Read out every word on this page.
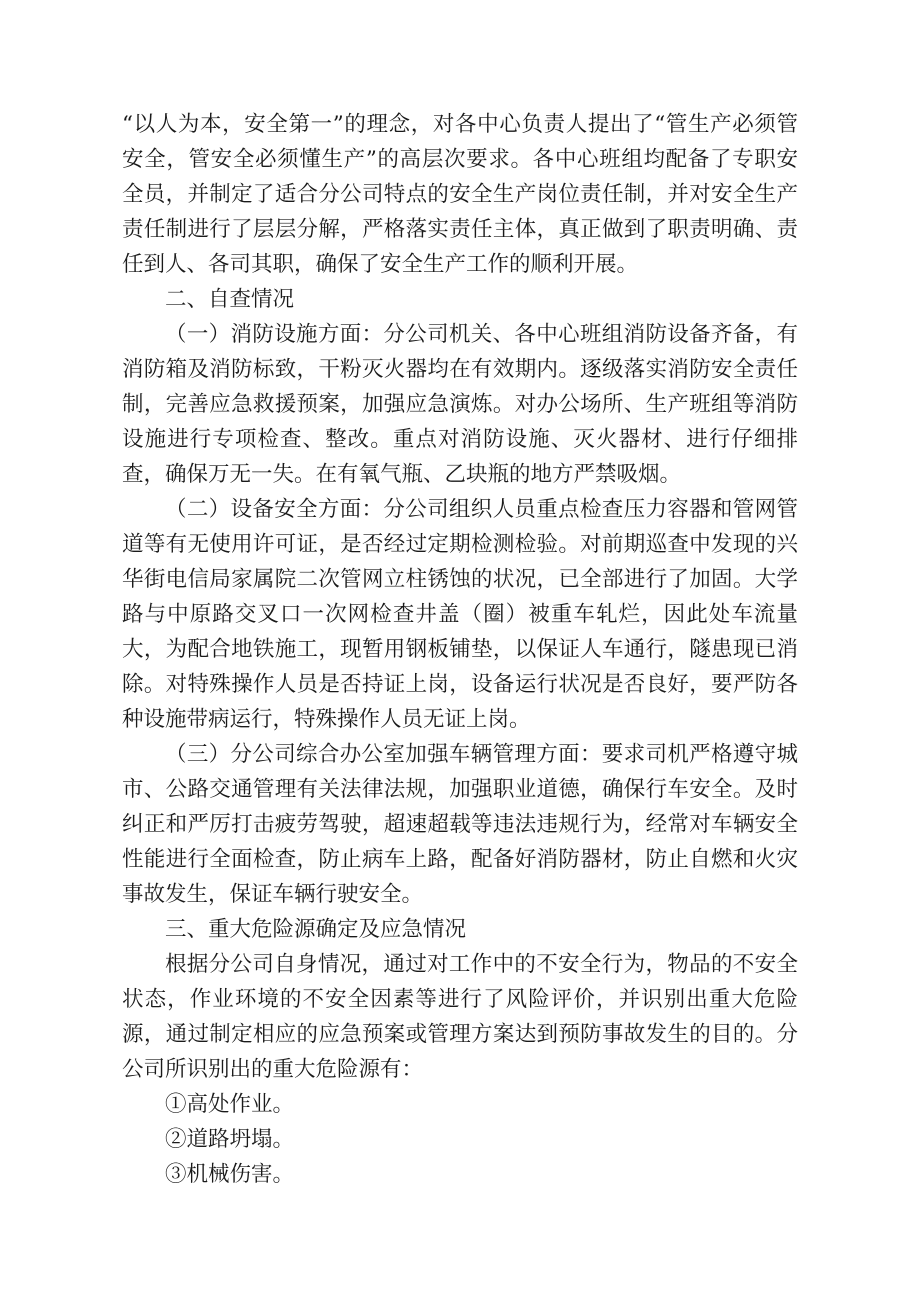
“以人为本，安全第一”的理念，对各中心负责人提出了“管生产必须管安全，管安全必须懂生产”的高层次要求。各中心班组均配备了专职安全员，并制定了适合分公司特点的安全生产岗位责任制，并对安全生产责任制进行了层层分解，严格落实责任主体，真正做到了职责明确、责任到人、各司其职，确保了安全生产工作的顺利开展。

二、自查情况

（一）消防设施方面：分公司机关、各中心班组消防设备齐备，有消防箱及消防标致，干粉灭火器均在有效期内。逐级落实消防安全责任制，完善应急救援预案，加强应急演炼。对办公场所、生产班组等消防设施进行专项检查、整改。重点对消防设施、灭火器材、进行仔细排查，确保万无一失。在有氧气瓶、乙块瓶的地方严禁吸烟。

（二）设备安全方面：分公司组织人员重点检查压力容器和管网管道等有无使用许可证，是否经过定期检测检验。对前期巡查中发现的兴华街电信局家属院二次管网立柱锈蚀的状况，已全部进行了加固。大学路与中原路交叉口一次网检查井盖（圈）被重车轧烂，因此处车流量大，为配合地铁施工，现暂用钢板铺垫，以保证人车通行，隧患现已消除。对特殊操作人员是否持证上岗，设备运行状况是否良好，要严防各种设施带病运行，特殊操作人员无证上岗。

（三）分公司综合办公室加强车辆管理方面：要求司机严格遵守城市、公路交通管理有关法律法规，加强职业道德，确保行车安全。及时纠正和严厉打击疲劳驾驶，超速超载等违法违规行为，经常对车辆安全性能进行全面检查，防止病车上路，配备好消防器材，防止自燃和火灾事故发生，保证车辆行驶安全。

三、重大危险源确定及应急情况

根据分公司自身情况，通过对工作中的不安全行为，物品的不安全状态，作业环境的不安全因素等进行了风险评价，并识别出重大危险源，通过制定相应的应急预案或管理方案达到预防事故发生的目的。分公司所识别出的重大危险源有：

①高处作业。

②道路坍塌。

③机械伤害。
